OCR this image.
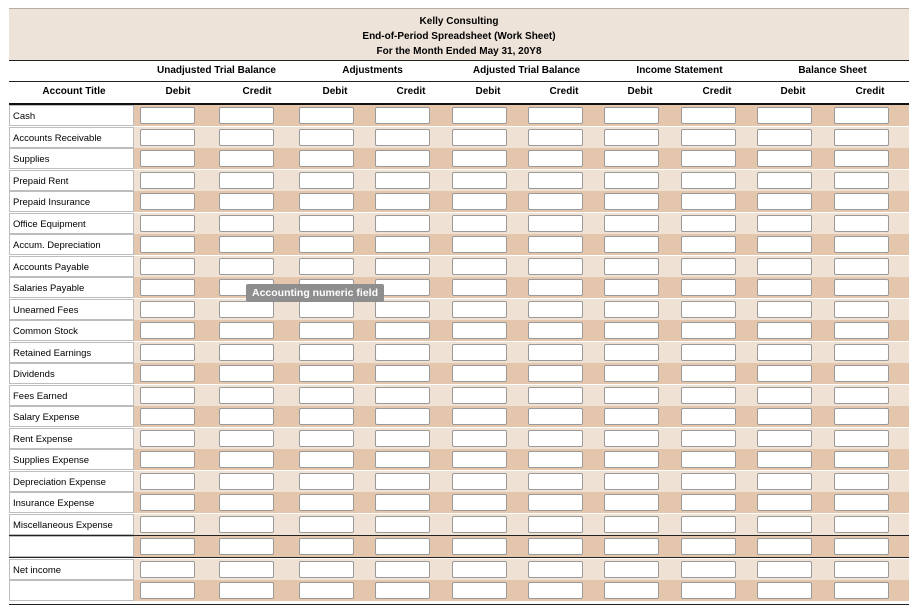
Kelly Consulting
End-of-Period Spreadsheet (Work Sheet)
For the Month Ended May 31, 20Y8
Unadjusted Trial Balance	Adjustments	Adjusted Trial Balance	Income Statement	Balance Sheet
Account Title	Debit	Credit	Debit	Credit	Debit	Credit	Debit	Credit	Debit	Credit
Cash
Accounts Receivable
Supplies
Prepaid Rent
Prepaid Insurance
Office Equipment
Accum. Depreciation
Accounts Payable
Salaries Payable
Unearned Fees
Common Stock
Retained Earnings
Dividends
Fees Earned
Salary Expense
Rent Expense
Supplies Expense
Depreciation Expense
Insurance Expense
Miscellaneous Expense
Net income
Accounting numeric field
